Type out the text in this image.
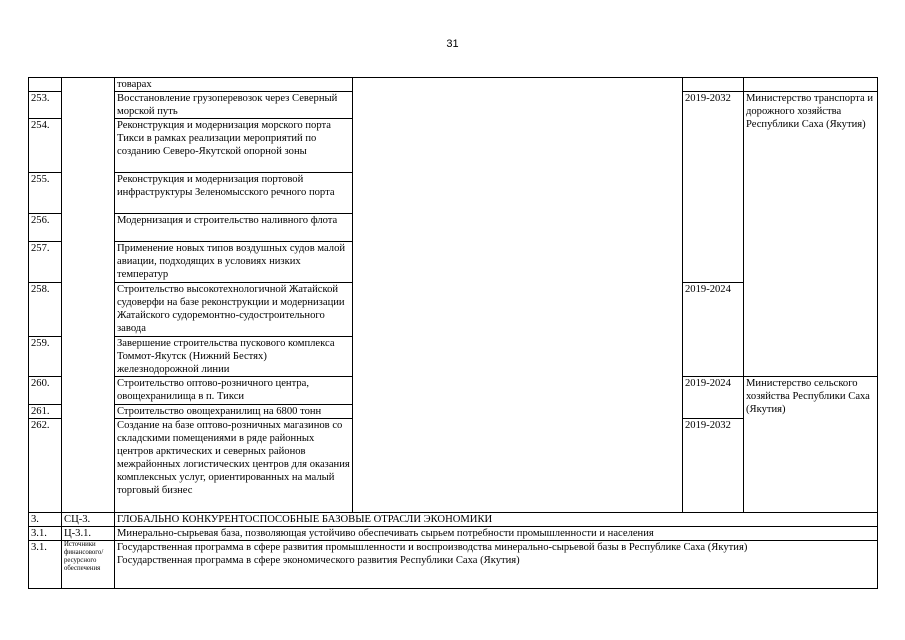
31
		товарах			
253.		Восстановление грузоперевозок через Северный морской путь		2019-2032	Министерство транспорта и дорожного хозяйства Республики Саха (Якутия)
254.		Реконструкция и модернизация морского порта Тикси в рамках реализации мероприятий по созданию Северо-Якутской опорной зоны			
255.		Реконструкция и модернизация портовой инфраструктуры Зеленомысского речного порта			
256.		Модернизация и строительство наливного флота			
257.		Применение новых типов воздушных судов малой авиации, подходящих в условиях низких температур			
258.		Строительство высокотехнологичной Жатайской судоверфи на базе реконструкции и модернизации Жатайского судоремонтно-судостроительного завода		2019-2024	
259.		Завершение строительства пускового комплекса Томмот-Якутск (Нижний Бестях) железнодорожной линии			
260.		Строительство оптово-розничного центра, овощехранилища в п. Тикси		2019-2024	Министерство сельского хозяйства Республики Саха (Якутия)
261.		Строительство овощехранилищ на 6800 тонн			
262.		Создание на базе оптово-розничных магазинов со складскими помещениями в ряде районных центров арктических и северных районов межрайонных логистических центров для оказания комплексных услуг, ориентированных на малый торговый бизнес		2019-2032	
3.	СЦ-3.	ГЛОБАЛЬНО КОНКУРЕНТОСПОСОБНЫЕ БАЗОВЫЕ ОТРАСЛИ ЭКОНОМИКИ			
3.1.	Ц-3.1.	Минерально-сырьевая база, позволяющая устойчиво обеспечивать сырьем потребности промышленности и населения			
3.1.	Источники финансового/ресурсного обеспечения	Государственная программа в сфере развития промышленности и воспроизводства минерально-сырьевой базы в Республике Саха (Якутия)
Государственная программа в сфере экономического развития Республики Саха (Якутия)			
